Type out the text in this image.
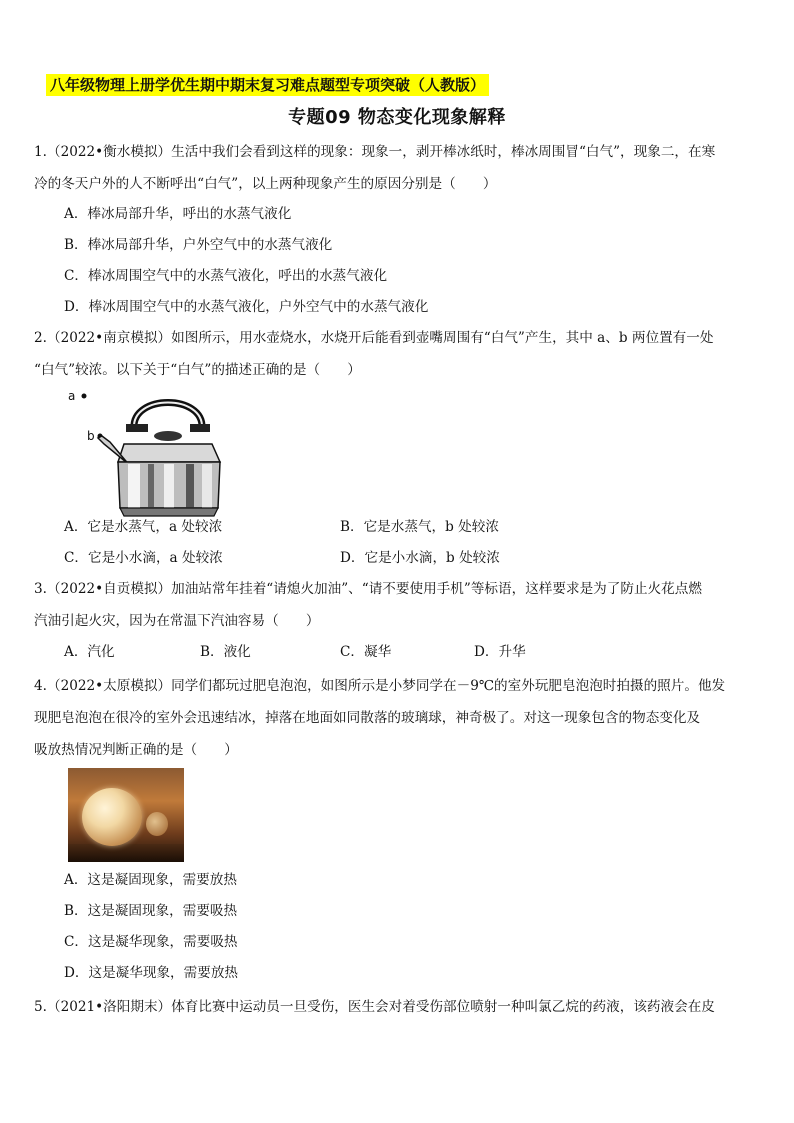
八年级物理上册学优生期中期末复习难点题型专项突破（人教版）
专题09 物态变化现象解释
1.（2022•衡水模拟）生活中我们会看到这样的现象：现象一，剥开棒冰纸时，棒冰周围冒“白气”，现象二，在寒
冷的冬天户外的人不断呼出“白气”，以上两种现象产生的原因分别是（　　）
A．棒冰局部升华，呼出的水蒸气液化
B．棒冰局部升华，户外空气中的水蒸气液化
C．棒冰周围空气中的水蒸气液化，呼出的水蒸气液化
D．棒冰周围空气中的水蒸气液化，户外空气中的水蒸气液化
2.（2022•南京模拟）如图所示，用水壶烧水，水烧开后能看到壶嘴周围有“白气”产生，其中 a、b 两位置有一处
“白气”较浓。以下关于“白气”的描述正确的是（　　）
a
b
A．它是水蒸气，a 处较浓	B．它是水蒸气，b 处较浓
C．它是小水滴，a 处较浓	D．它是小水滴，b 处较浓
3.（2022•自贡模拟）加油站常年挂着“请熄火加油”、“请不要使用手机”等标语，这样要求是为了防止火花点燃
汽油引起火灾，因为在常温下汽油容易（　　）
A．汽化	B．液化	C．凝华	D．升华
4.（2022•太原模拟）同学们都玩过肥皂泡泡，如图所示是小梦同学在－9℃的室外玩肥皂泡泡时拍摄的照片。他发
现肥皂泡泡在很冷的室外会迅速结冰，掉落在地面如同散落的玻璃球，神奇极了。对这一现象包含的物态变化及
吸放热情况判断正确的是（　　）
A．这是凝固现象，需要放热
B．这是凝固现象，需要吸热
C．这是凝华现象，需要吸热
D．这是凝华现象，需要放热
5.（2021•洛阳期末）体育比赛中运动员一旦受伤，医生会对着受伤部位喷射一种叫氯乙烷的药液，该药液会在皮
